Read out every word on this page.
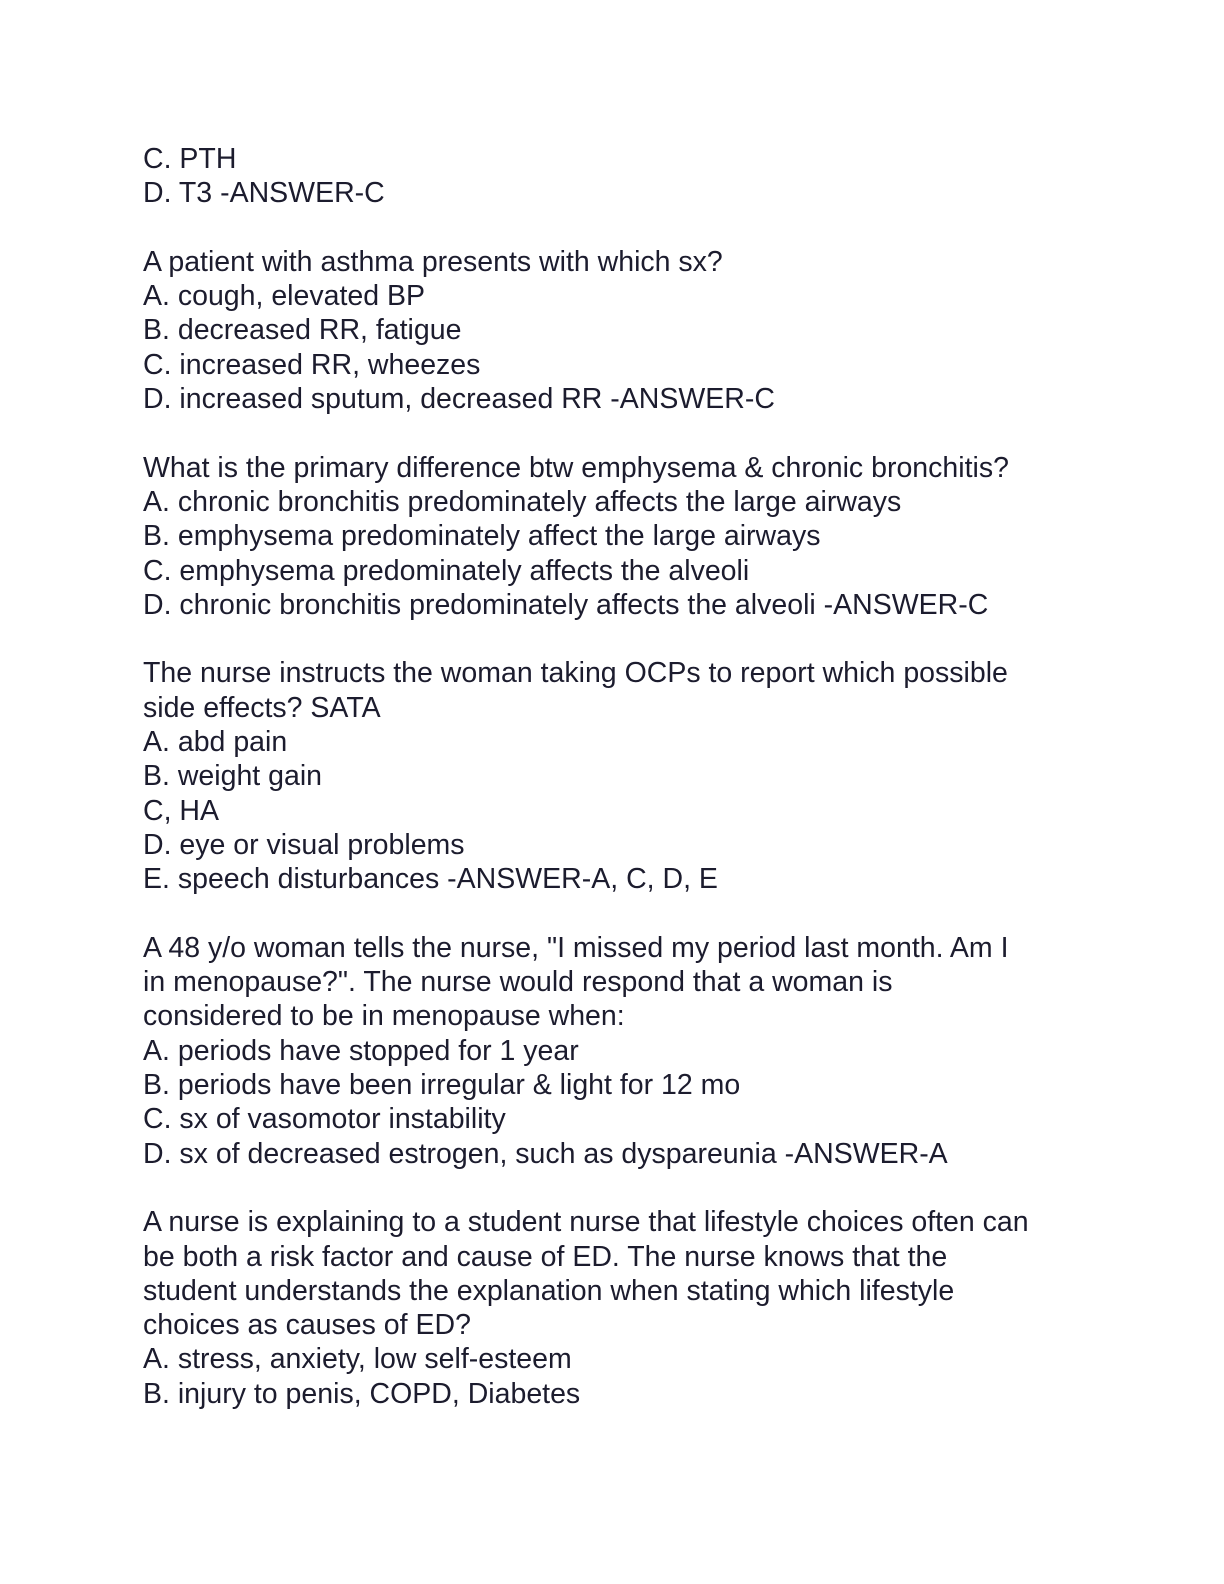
C. PTH
D. T3 -ANSWER-C
A patient with asthma presents with which sx?
A. cough, elevated BP
B. decreased RR, fatigue
C. increased RR, wheezes
D. increased sputum, decreased RR -ANSWER-C
What is the primary difference btw emphysema & chronic bronchitis?
A. chronic bronchitis predominately affects the large airways
B. emphysema predominately affect the large airways
C. emphysema predominately affects the alveoli
D. chronic bronchitis predominately affects the alveoli -ANSWER-C
The nurse instructs the woman taking OCPs to report which possible
side effects? SATA
A. abd pain
B. weight gain
C, HA
D. eye or visual problems
E. speech disturbances -ANSWER-A, C, D, E
A 48 y/o woman tells the nurse, "I missed my period last month. Am I
in menopause?". The nurse would respond that a woman is
considered to be in menopause when:
A. periods have stopped for 1 year
B. periods have been irregular & light for 12 mo
C. sx of vasomotor instability
D. sx of decreased estrogen, such as dyspareunia -ANSWER-A
A nurse is explaining to a student nurse that lifestyle choices often can
be both a risk factor and cause of ED. The nurse knows that the
student understands the explanation when stating which lifestyle
choices as causes of ED?
A. stress, anxiety, low self-esteem
B. injury to penis, COPD, Diabetes
